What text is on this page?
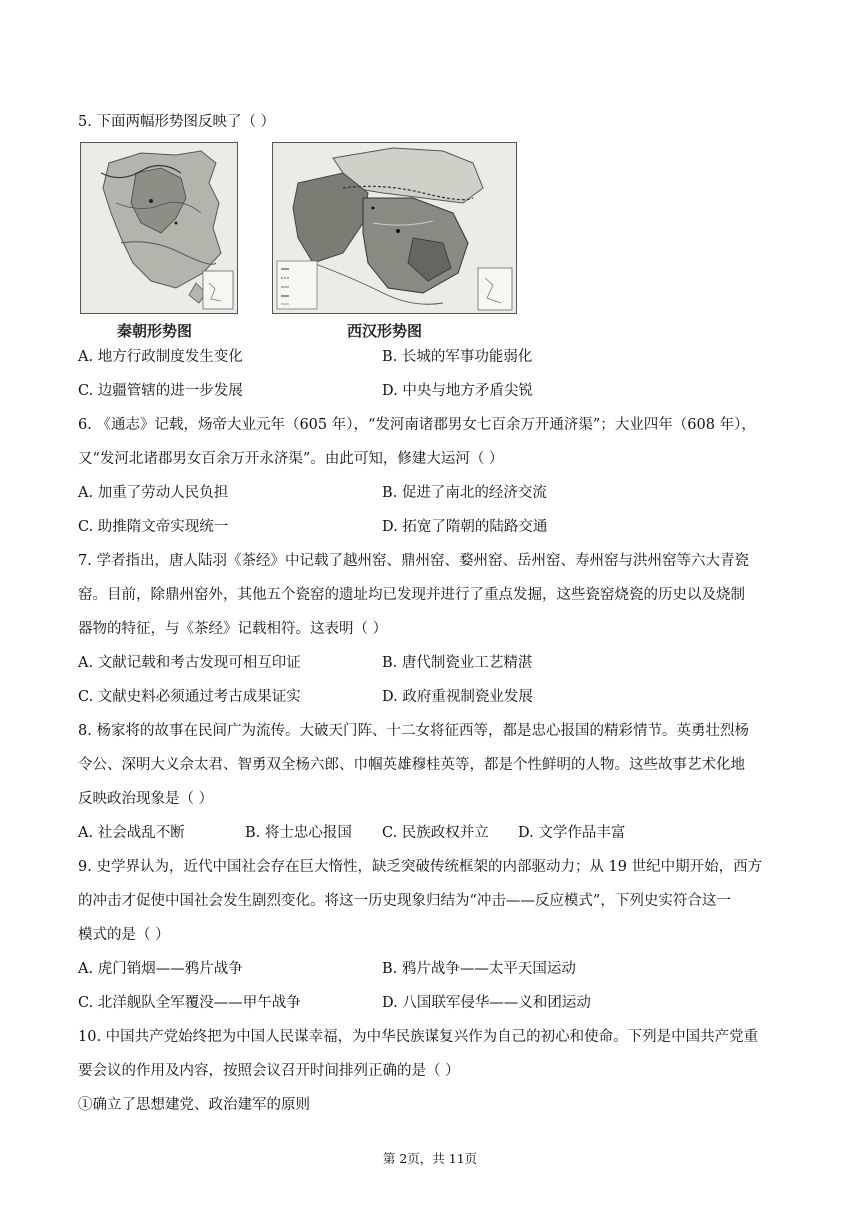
5. 下面两幅形势图反映了（ ）
秦朝形势图	西汉形势图
A. 地方行政制度发生变化	B. 长城的军事功能弱化
C. 边疆管辖的进一步发展	D. 中央与地方矛盾尖锐
6. 《通志》记载，炀帝大业元年（605 年），“发河南诸郡男女七百余万开通济渠”；大业四年（608 年），
又“发河北诸郡男女百余万开永济渠”。由此可知，修建大运河（ ）
A. 加重了劳动人民负担	B. 促进了南北的经济交流
C. 助推隋文帝实现统一	D. 拓宽了隋朝的陆路交通
7. 学者指出，唐人陆羽《茶经》中记载了越州窑、鼎州窑、婺州窑、岳州窑、寿州窑与洪州窑等六大青瓷
窑。目前，除鼎州窑外，其他五个瓷窑的遗址均已发现并进行了重点发掘，这些瓷窑烧瓷的历史以及烧制
器物的特征，与《茶经》记载相符。这表明（ ）
A. 文献记载和考古发现可相互印证	B. 唐代制瓷业工艺精湛
C. 文献史料必须通过考古成果证实	D. 政府重视制瓷业发展
8. 杨家将的故事在民间广为流传。大破天门阵、十二女将征西等，都是忠心报国的精彩情节。英勇壮烈杨
令公、深明大义佘太君、智勇双全杨六郎、巾帼英雄穆桂英等，都是个性鲜明的人物。这些故事艺术化地
反映政治现象是（ ）
A. 社会战乱不断	B. 将士忠心报国 C. 民族政权并立 D. 文学作品丰富
9. 史学界认为，近代中国社会存在巨大惰性，缺乏突破传统框架的内部驱动力；从 19 世纪中期开始，西方
的冲击才促使中国社会发生剧烈变化。将这一历史现象归结为“冲击——反应模式”，下列史实符合这一
模式的是（ ）
A. 虎门销烟——鸦片战争	B. 鸦片战争——太平天国运动
C. 北洋舰队全军覆没——甲午战争	D. 八国联军侵华——义和团运动
10. 中国共产党始终把为中国人民谋幸福，为中华民族谋复兴作为自己的初心和使命。下列是中国共产党重
要会议的作用及内容，按照会议召开时间排列正确的是（ ）
①确立了思想建党、政治建军的原则
第 2页，共 11页
